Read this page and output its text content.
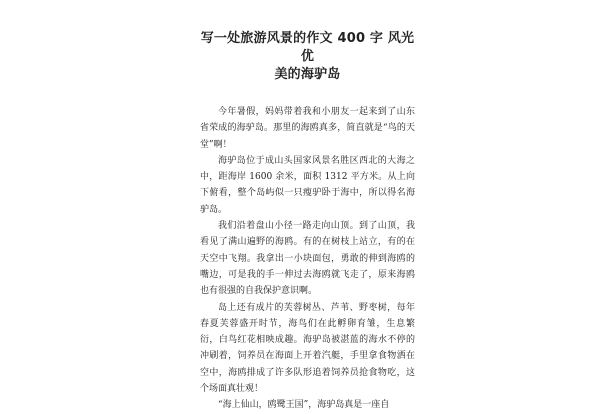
写一处旅游风景的作文 400 字 风光优
美的海驴岛

今年暑假，妈妈带着我和小朋友一起来到了山东省荣成的海驴岛。那里的海鸥真多，简直就是“鸟的天堂”啊！

海驴岛位于成山头国家风景名胜区西北的大海之中，距海岸 1600 余米，面积 1312 平方米。从上向下俯看，整个岛屿似一只瘦驴卧于海中，所以得名海驴岛。

我们沿着盘山小径一路走向山顶。到了山顶，我看见了满山遍野的海鸥。有的在树枝上站立，有的在天空中飞翔。我拿出一小块面包，勇敢的伸到海鸥的嘴边，可是我的手一伸过去海鸥就飞走了，原来海鸥也有很强的自我保护意识啊。

岛上还有成片的芙蓉树丛、芦苇、野枣树，每年春夏芙蓉盛开时节，海鸟们在此孵卵育雏，生息繁衍，白鸟红花相映成趣。海驴岛被湛蓝的海水不停的冲刷着，饲养员在海面上开着汽艇，手里拿食物洒在空中，海鸥排成了许多队形追着饲养员抢食物吃，这个场面真壮观！

“海上仙山，鸥鹭王国”，海驴岛真是一座自
